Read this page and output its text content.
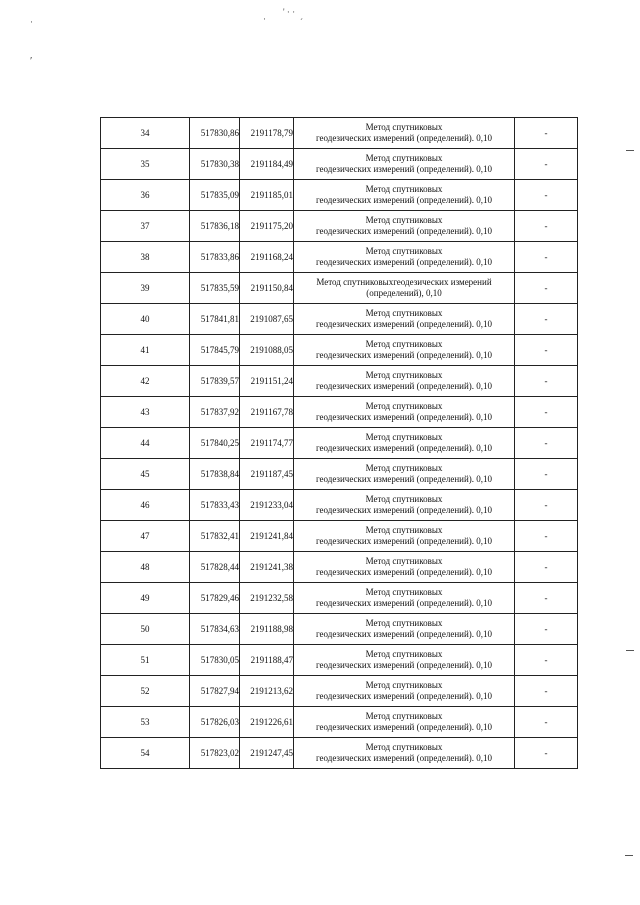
' · ·
·	·	´
′
34	517830,86	2191178,79	Метод спутниковых
геодезических измерений (определений). 0,10	-
35	517830,38	2191184,49	Метод спутниковых
геодезических измерений (определений). 0,10	-
36	517835,09	2191185,01	Метод спутниковых
геодезических измерений (определений). 0,10	-
37	517836,18	2191175,20	Метод спутниковых
геодезических измерений (определений). 0,10	-
38	517833,86	2191168,24	Метод спутниковых
геодезических измерений (определений). 0,10	-
39	517835,59	2191150,84	Метод спутниковыхгеодезических измерений
(определений), 0,10	-
40	517841,81	2191087,65	Метод спутниковых
геодезических измерений (определений). 0,10	-
41	517845,79	2191088,05	Метод спутниковых
геодезических измерений (определений). 0,10	-
42	517839,57	2191151,24	Метод спутниковых
геодезических измерений (определений). 0,10	-
43	517837,92	2191167,78	Метод спутниковых
геодезических измерений (определений). 0,10	-
44	517840,25	2191174,77	Метод спутниковых
геодезических измерений (определений). 0,10	-
45	517838,84	2191187,45	Метод спутниковых
геодезических измерений (определений). 0,10	-
46	517833,43	2191233,04	Метод спутниковых
геодезических измерений (определений). 0,10	-
47	517832,41	2191241,84	Метод спутниковых
геодезических измерений (определений). 0,10	-
48	517828,44	2191241,38	Метод спутниковых
геодезических измерений (определений). 0,10	-
49	517829,46	2191232,58	Метод спутниковых
геодезических измерений (определений). 0,10	-
50	517834,63	2191188,98	Метод спутниковых
геодезических измерений (определений). 0,10	-
51	517830,05	2191188,47	Метод спутниковых
геодезических измерений (определений). 0,10	-
52	517827,94	2191213,62	Метод спутниковых
геодезических измерений (определений). 0,10	-
53	517826,03	2191226,61	Метод спутниковых
геодезических измерений (определений). 0,10	-
54	517823,02	2191247,45	Метод спутниковых
геодезических измерений (определений). 0,10	-
